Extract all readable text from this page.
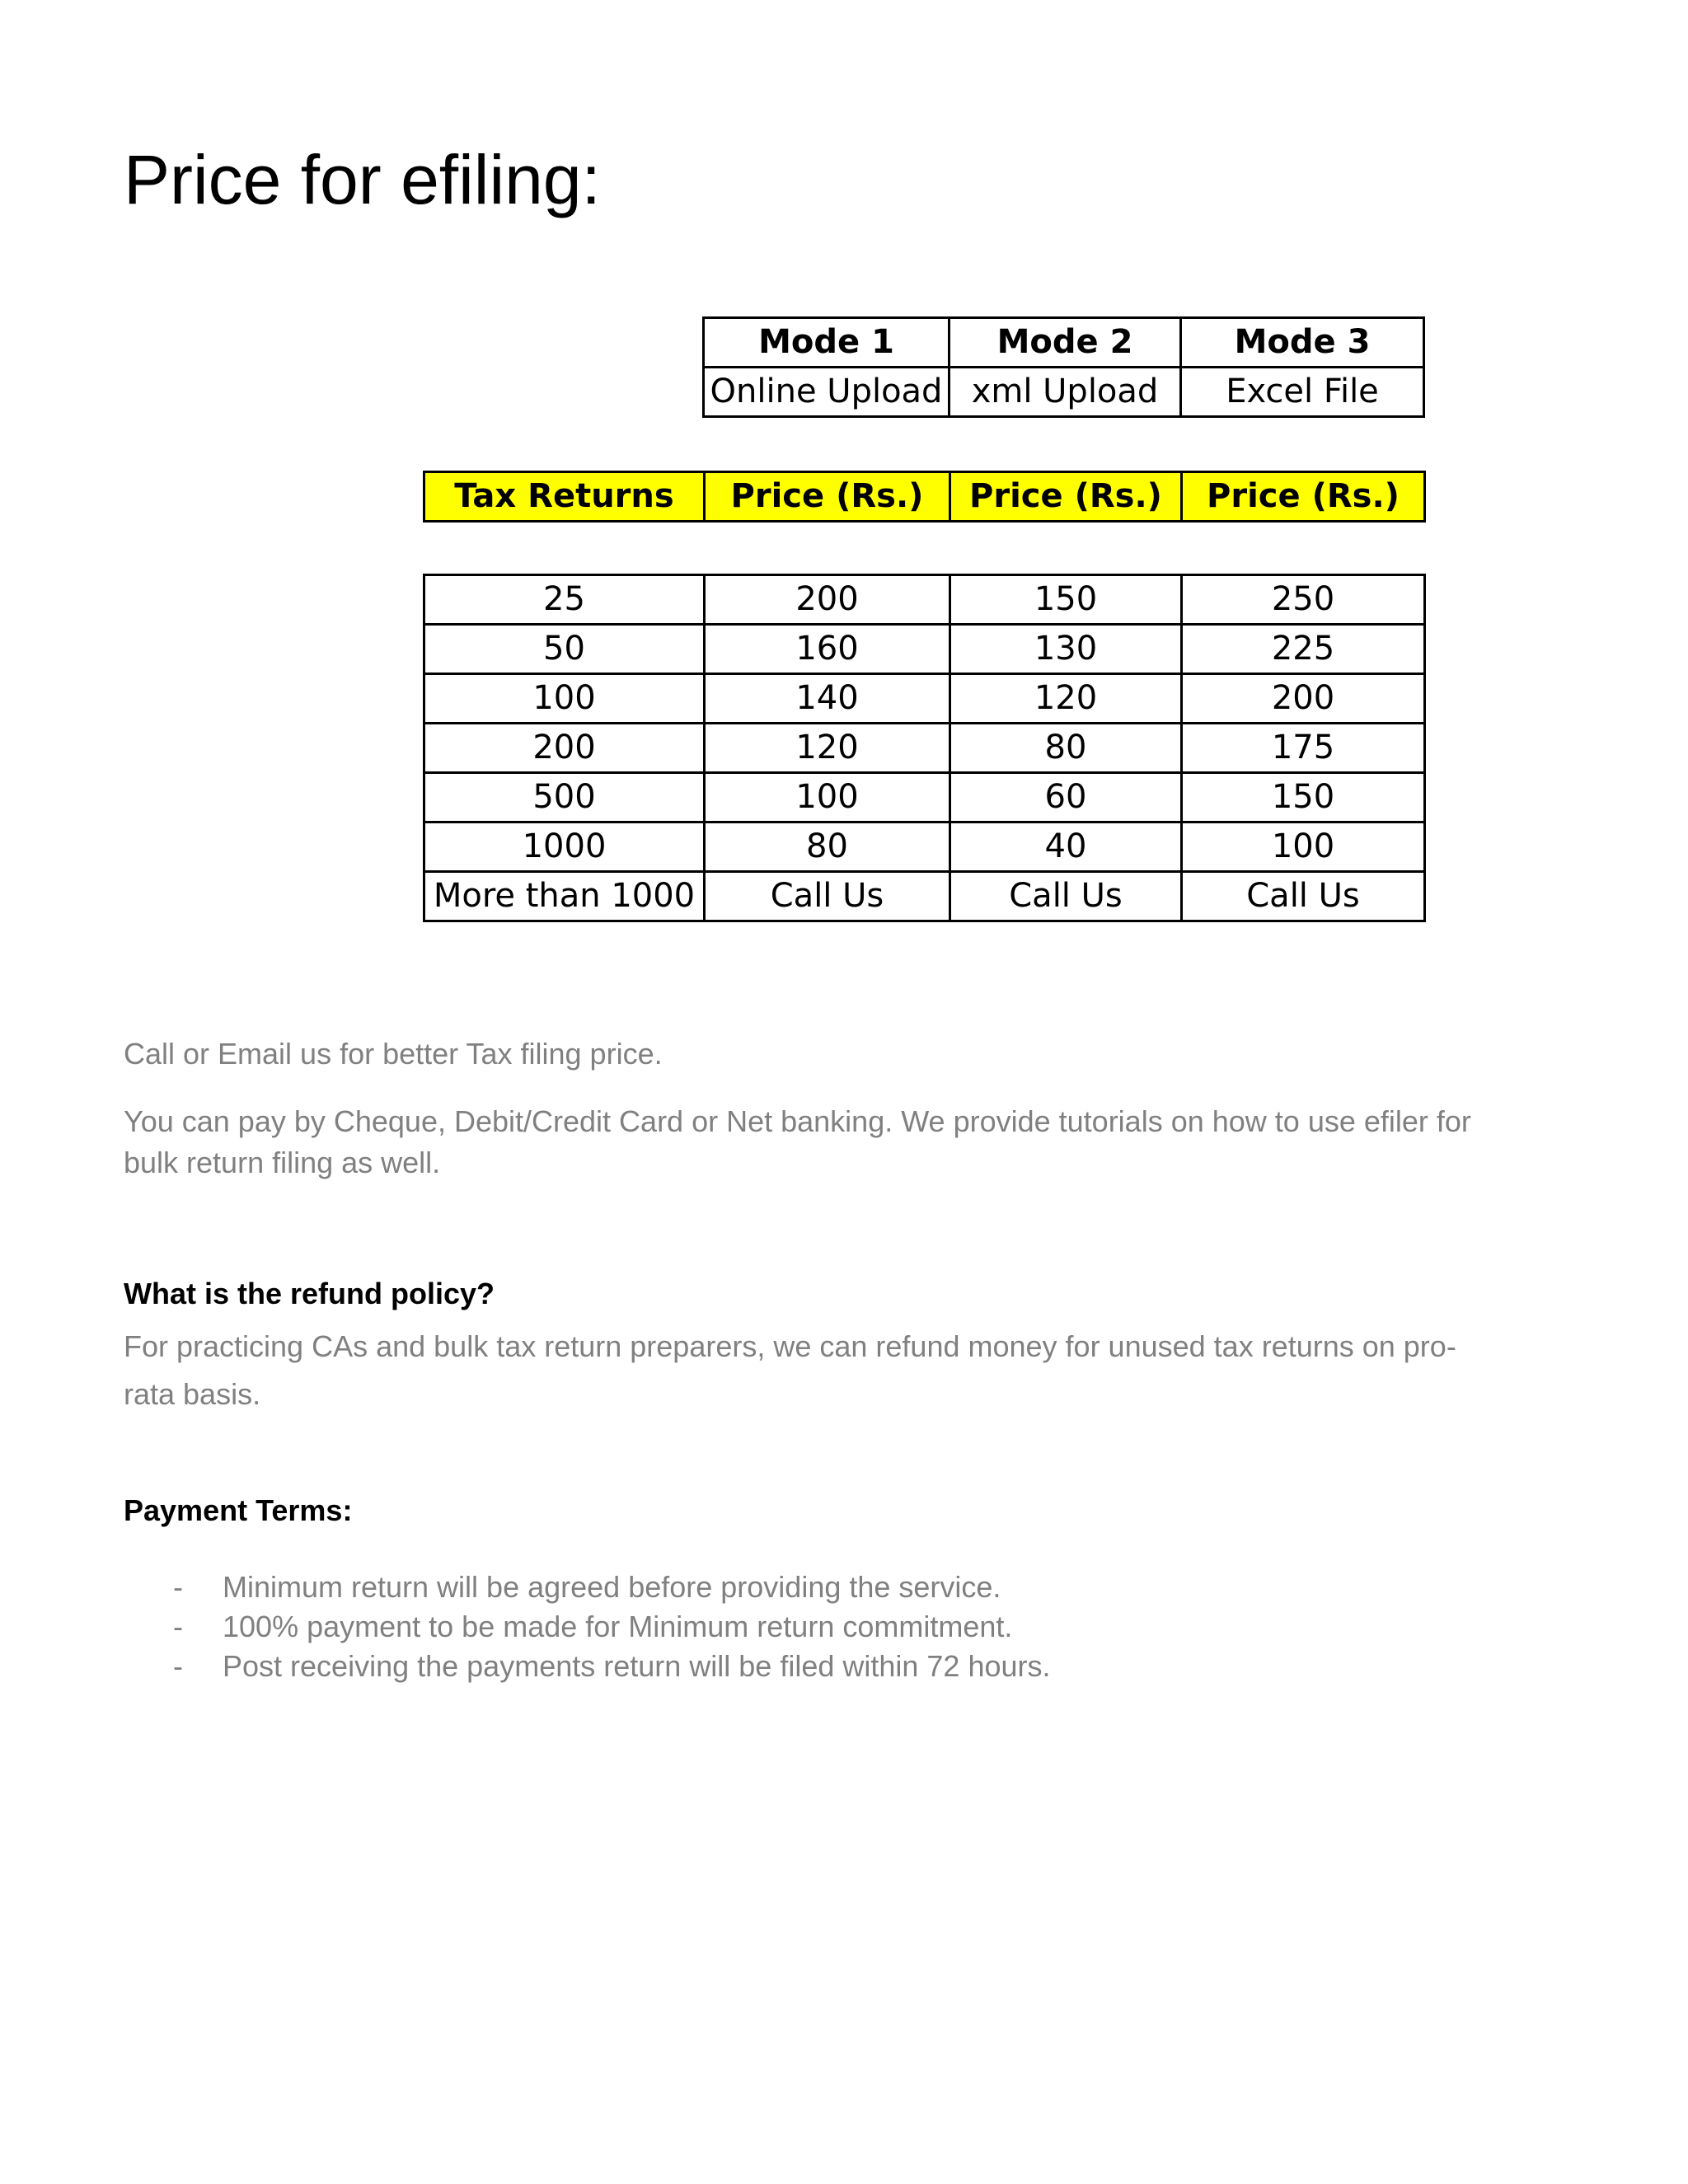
Price for efiling:
Mode 1	Mode 2	Mode 3
Online Upload	xml Upload	Excel File
Tax Returns	Price (Rs.)	Price (Rs.)	Price (Rs.)
25	200	150	250
50	160	130	225
100	140	120	200
200	120	80	175
500	100	60	150
1000	80	40	100
More than 1000	Call Us	Call Us	Call Us

Call or Email us for better Tax filing price.

You can pay by Cheque, Debit/Credit Card or Net banking. We provide tutorials on how to use efiler for bulk return filing as well.

What is the refund policy?

For practicing CAs and bulk tax return preparers, we can refund money for unused tax returns on pro-rata basis.

Payment Terms:
- Minimum return will be agreed before providing the service.
- 100% payment to be made for Minimum return commitment.
- Post receiving the payments return will be filed within 72 hours.
